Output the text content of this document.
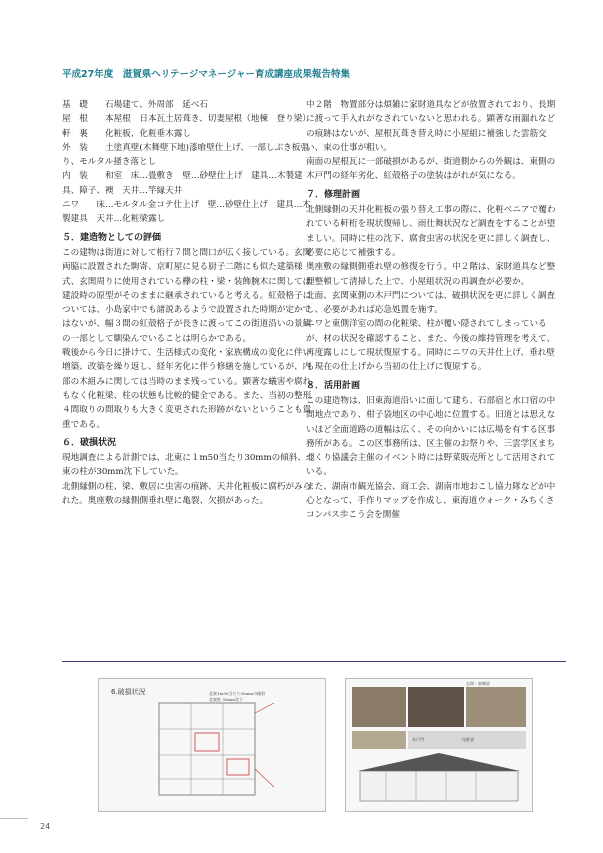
平成27年度　滋賀県ヘリテージマネージャー育成講座成果報告特集

基　礎　　石場建て、外周部　延べ石

屋　根　　本屋根　日本瓦土居葺き、切妻屋根（地棟　登り梁）

軒　裏　　化粧板、化粧垂木露し

外　装　　土塗真壁(木舞壁下地)漆喰壁仕上げ、一部しぶき板張り、モルタル掻き落とし

内　装　　和室　床…畳敷き　壁…砂壁仕上げ　建具…木製建具、障子、襖　天井…竿縁天井

ニワ　　床…モルタル金コテ仕上げ　壁…砂壁仕上げ　建具…木製建具　天井…化粧梁露し

５．建造物としての評価

この建物は街道に対して桁行７間と間口が広く接している。玄関両脇に設置された駒寄、京町屋に見る厨子二階にも似た建築様式、玄関周りに使用されている欅の柱・梁・装飾腕木に関しては建設時の原型がそのままに継承されていると考える。紅殻格子については、小島家中でも諸説あるようで設置された時期が定かではないが、幅３間の紅殻格子が長きに渡ってこの街道沿いの景観の一部として馴染んでいることは明らかである。

戦後から今日に掛けて、生活様式の変化・家族構成の変化に伴い増築、改築を繰り返し、経年劣化に伴う修繕を施しているが、内部の木組みに関しては当時のまま残っている。顕著な蟻害や腐れもなく化粧梁、柱の状態も比較的健全である。また、当初の整形４間取りの間取りも大きく変更された形跡がないということも貴重である。

６．破損状況

現地調査による計測では、北東に１m50当たり30mmの傾斜、北東の柱が30mm沈下していた。

北側縁側の柱、梁、敷居に虫害の痕跡、天井化粧板に腐朽がみられた。奥座敷の縁側側垂れ壁に亀裂、欠損があった。

中２階　物置部分は煩雑に家財道具などが放置されており、長期に渡って手入れがなされていないと思われる。顕著な雨漏れなどの痕跡はないが、屋根瓦葺き替え時に小屋組に補強した雲筋交い、束の仕事が粗い。

南面の屋根瓦に一部破損があるが、街道側からの外観は、東側の木戸門の経年劣化、紅殻格子の塗装はがれが気になる。

７．修理計画

北側縁側の天井化粧板の張り替え工事の際に、化粧ベニアで覆われている軒桁を現状復帰し、雨仕舞状況など調査をすることが望ましい。同時に柱の沈下、腐食虫害の状況を更に詳しく調査し、必要に応じて補強する。

奥座敷の縁側側垂れ壁の修復を行う。中２階は、家財道具など整理整頓して清掃した上で、小屋組状況の再調査が必要か。

北面、玄関東側の木戸門については、破損状況を更に詳しく調査し、必要があれば応急処置を施す。

ニワと東側洋室の間の化粧梁、柱が覆い隠されてしまっているが、材の状況を確認すること、また、今後の維持管理を考えて、再度露しにして現状復原する。同時にニワの天井仕上げ、垂れ壁も現在の仕上げから当初の仕上げに復原する。

８．活用計画

この建造物は、旧東海道沿いに面して建ち、石部宿と水口宿の中間地点であり、柑子袋地区の中心地に位置する。旧道とは思えないほど全面道路の道幅は広く、その向かいには広場を有する区事務所がある。この区事務所は、区主催のお祭りや、三雲学区まちづくり協議会主催のイベント時には野菜販売所として活用されている。

また、湖南市観光協会、商工会、湖南市地おこし協力隊などが中心となって、手作りマップを作成し、東海道ウォーク・みちくさコンパス歩こう会を開催

6.破損状況	北東1m50当たり30mmの傾斜
北東柱 30mm沈下
玄関・東側扉
木戸門	化粧梁
24
